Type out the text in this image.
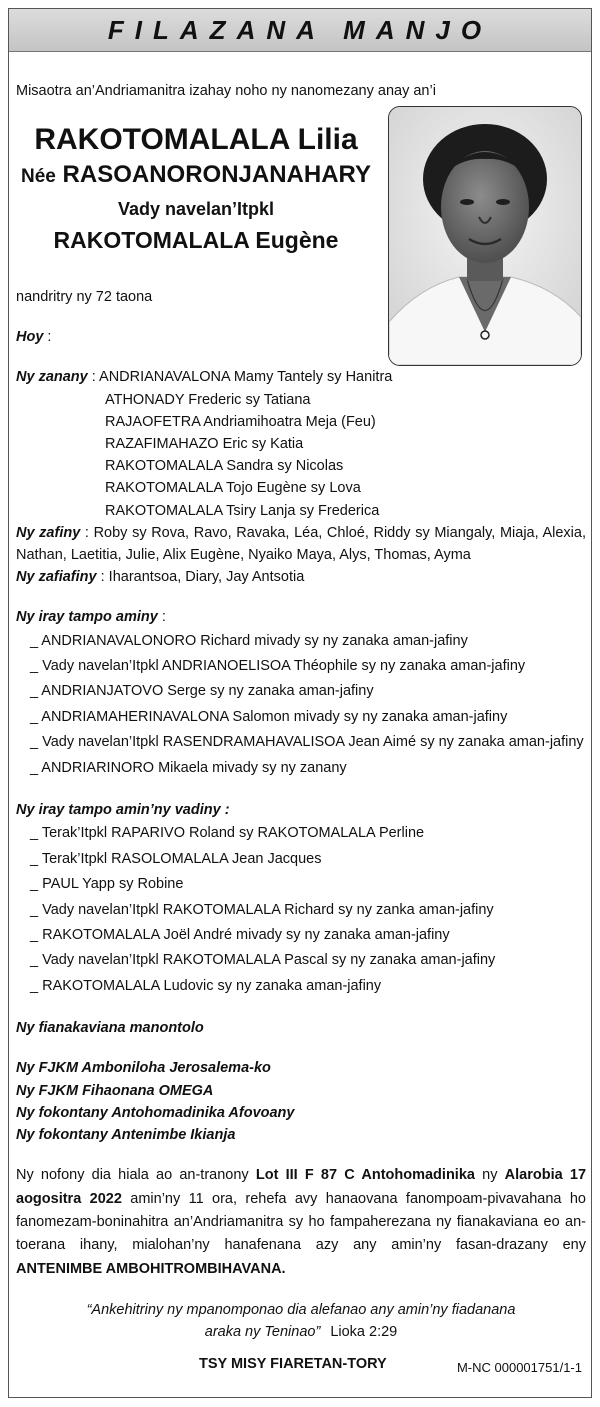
FILAZANA MANJO

Misaotra an’Andriamanitra izahay noho ny nanomezany anay an’i

RAKOTOMALALA Lilia
Née RASOANORONJANAHARY
Vady navelan’Itpkl
RAKOTOMALALA Eugène
nandritry ny 72 taona
Hoy :
Ny zanany : ANDRIANAVALONA Mamy Tantely sy Hanitra
ATHONADY Frederic sy Tatiana
RAJAOFETRA Andriamihoatra Meja (Feu)
RAZAFIMAHAZO Eric sy Katia
RAKOTOMALALA Sandra sy Nicolas
RAKOTOMALALA Tojo Eugène sy Lova
RAKOTOMALALA Tsiry Lanja sy Frederica
Ny zafiny : Roby sy Rova, Ravo, Ravaka, Léa, Chloé, Riddy sy Miangaly, Miaja, Alexia, Nathan, Laetitia, Julie, Alix Eugène, Nyaiko Maya, Alys, Thomas, Ayma
Ny zafiafiny : Iharantsoa, Diary, Jay Antsotia
Ny iray tampo aminy :
_ ANDRIANAVALONORO Richard mivady sy ny zanaka aman-jafiny
_ Vady navelan’Itpkl ANDRIANOELISOA Théophile sy ny zanaka aman-jafiny
_ ANDRIANJATOVO Serge sy ny zanaka aman-jafiny
_ ANDRIAMAHERINAVALONA Salomon mivady sy ny zanaka aman-jafiny
_ Vady navelan’Itpkl RASENDRAMAHAVALISOA Jean Aimé sy ny zanaka aman-jafiny
_ ANDRIARINORO Mikaela mivady sy ny zanany
Ny iray tampo amin’ny vadiny :
_ Terak’Itpkl RAPARIVO Roland sy RAKOTOMALALA Perline
_ Terak’Itpkl RASOLOMALALA Jean Jacques
_ PAUL Yapp sy Robine
_ Vady navelan’Itpkl RAKOTOMALALA Richard sy ny zanka aman-jafiny
_ RAKOTOMALALA Joël André mivady sy ny zanaka aman-jafiny
_ Vady navelan’Itpkl RAKOTOMALALA Pascal sy ny zanaka aman-jafiny
_ RAKOTOMALALA Ludovic sy ny zanaka aman-jafiny
Ny fianakaviana manontolo
Ny FJKM Amboniloha Jerosalema-ko
Ny FJKM Fihaonana OMEGA
Ny fokontany Antohomadinika Afovoany
Ny fokontany Antenimbe Ikianja
Ny nofony dia hiala ao an-tranony Lot III F 87 C Antohomadinika ny Alarobia 17 aogositra 2022 amin’ny 11 ora, rehefa avy hanaovana fanompoam-pivavahana ho fanomezam-boninahitra an’Andriamanitra sy ho fampaherezana ny fianakaviana eo an-toerana ihany, mialohan’ny hanafenana azy any amin’ny fasan-drazany eny ANTENIMBE AMBOHITROMBIHAVANA.
“Ankehitriny ny mpanomponao dia alefanao any amin’ny fiadanana
araka ny Teninao” Lioka 2:29
TSY MISY FIARETAN-TORY	M-NC 000001751/1-1
